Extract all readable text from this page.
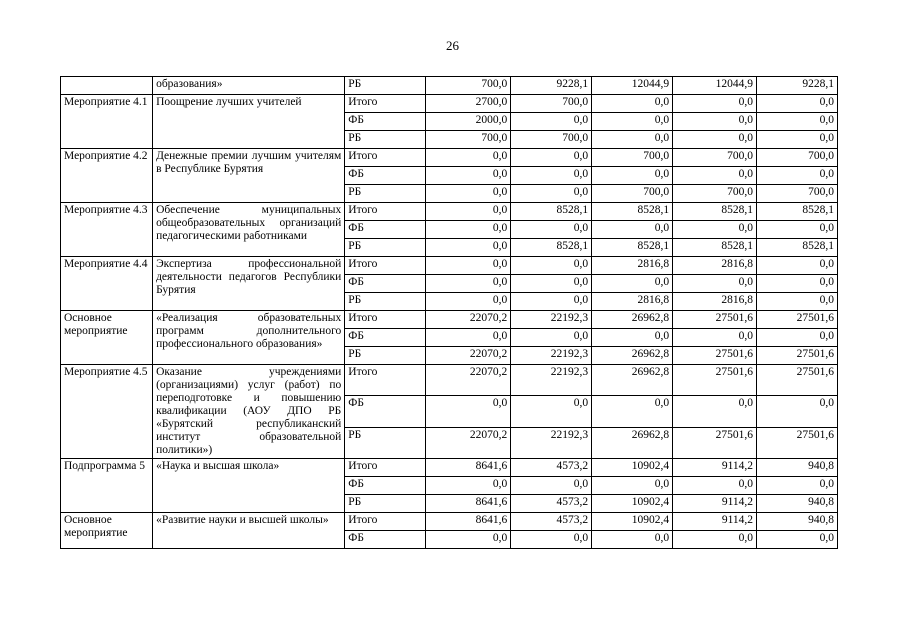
26
	образования»	РБ	700,0	9228,1	12044,9	12044,9	9228,1
Мероприятие 4.1	Поощрение лучших учителей	Итого	2700,0	700,0	0,0	0,0	0,0
		ФБ	2000,0	0,0	0,0	0,0	0,0
		РБ	700,0	700,0	0,0	0,0	0,0
Мероприятие 4.2	Денежные премии лучшим учителям в Республике Бурятия	Итого	0,0	0,0	700,0	700,0	700,0
		ФБ	0,0	0,0	0,0	0,0	0,0
		РБ	0,0	0,0	700,0	700,0	700,0
Мероприятие 4.3	Обеспечение муниципальных общеобразовательных организаций педагогическими работниками	Итого	0,0	8528,1	8528,1	8528,1	8528,1
		ФБ	0,0	0,0	0,0	0,0	0,0
		РБ	0,0	8528,1	8528,1	8528,1	8528,1
Мероприятие 4.4	Экспертиза профессиональной деятельности педагогов Республики Бурятия	Итого	0,0	0,0	2816,8	2816,8	0,0
		ФБ	0,0	0,0	0,0	0,0	0,0
		РБ	0,0	0,0	2816,8	2816,8	0,0
Основное мероприятие	«Реализация образовательных программ дополнительного профессионального образования»	Итого	22070,2	22192,3	26962,8	27501,6	27501,6
		ФБ	0,0	0,0	0,0	0,0	0,0
		РБ	22070,2	22192,3	26962,8	27501,6	27501,6
Мероприятие 4.5	Оказание учреждениями (организациями) услуг (работ) по переподготовке и повышению квалификации (АОУ ДПО РБ «Бурятский республиканский институт образовательной политики»)	Итого	22070,2	22192,3	26962,8	27501,6	27501,6
		ФБ	0,0	0,0	0,0	0,0	0,0
		РБ	22070,2	22192,3	26962,8	27501,6	27501,6
Подпрограмма 5	«Наука и высшая школа»	Итого	8641,6	4573,2	10902,4	9114,2	940,8
		ФБ	0,0	0,0	0,0	0,0	0,0
		РБ	8641,6	4573,2	10902,4	9114,2	940,8
Основное мероприятие	«Развитие науки и высшей школы»	Итого	8641,6	4573,2	10902,4	9114,2	940,8
		ФБ	0,0	0,0	0,0	0,0	0,0
